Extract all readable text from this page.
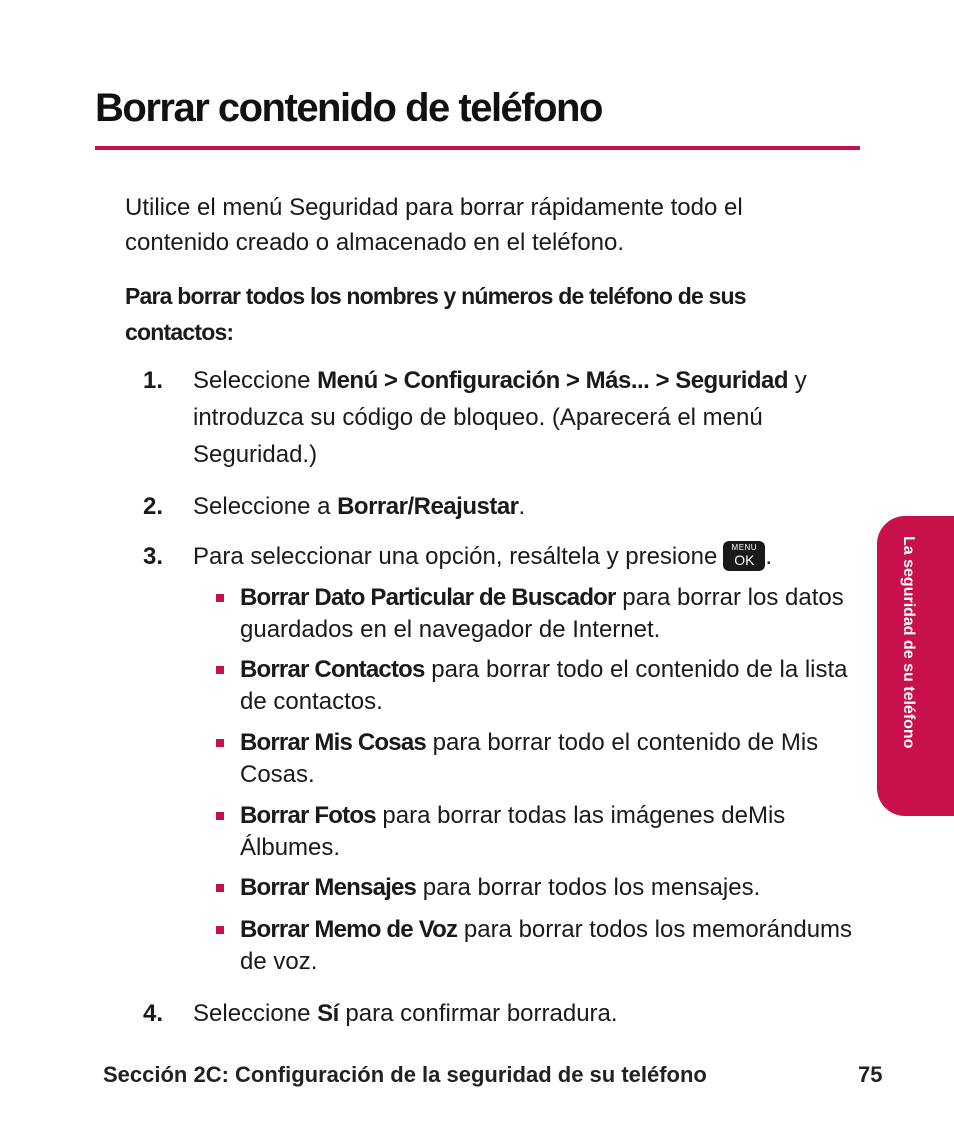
Borrar contenido de teléfono

Utilice el menú Seguridad para borrar rápidamente todo el contenido creado o almacenado en el teléfono.

Para borrar todos los nombres y números de teléfono de sus contactos:

1. Seleccione Menú > Configuración > Más... > Seguridad y introduzca su código de bloqueo. (Aparecerá el menú Seguridad.)
2. Seleccione a Borrar/Reajustar.
3. Para seleccionar una opción, resáltela y presione	MENU
OK .
Borrar Dato Particular de Buscador para borrar los datos guardados en el navegador de Internet.
Borrar Contactos para borrar todo el contenido de la lista de contactos.
Borrar Mis Cosas para borrar todo el contenido de Mis Cosas.
Borrar Fotos para borrar todas las imágenes deMis Álbumes.
Borrar Mensajes para borrar todos los mensajes.
Borrar Memo de Voz para borrar todos los memorándums de voz.
4. Seleccione Sí para confirmar borradura.
La seguridad de su teléfono
Sección 2C: Configuración de la seguridad de su teléfono	75
